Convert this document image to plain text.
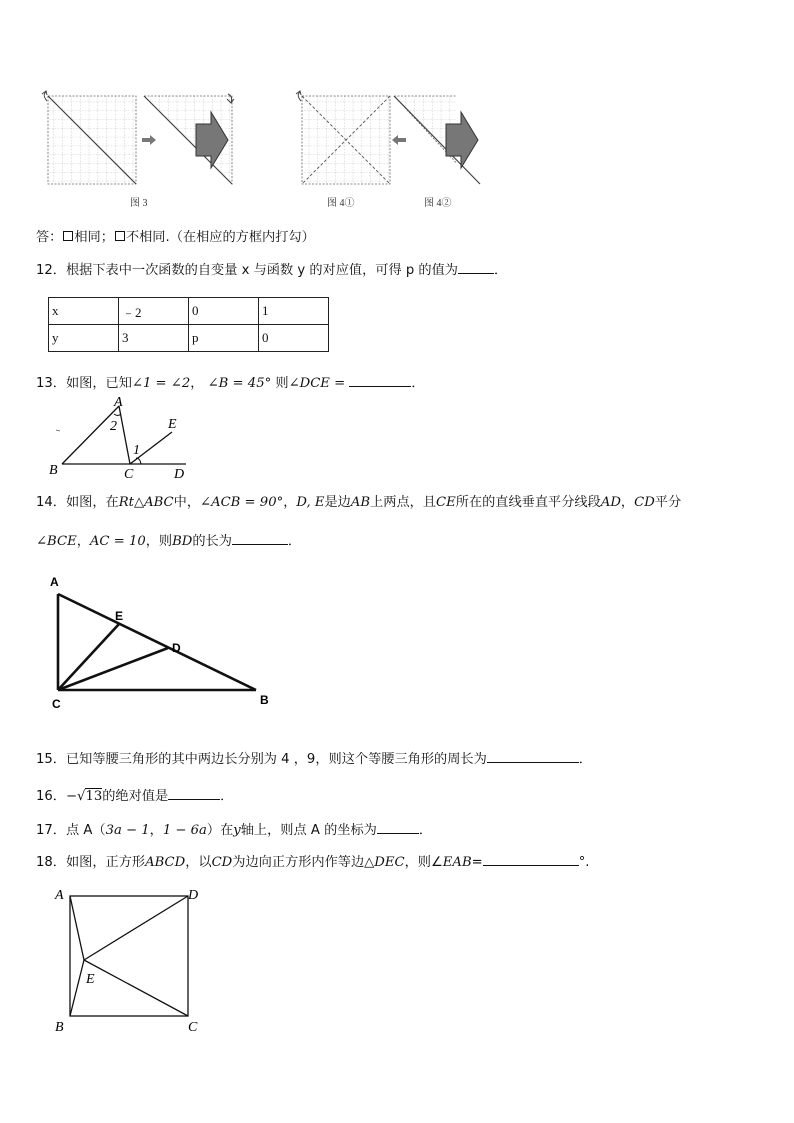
图 3	图 4①	图 4②
答： 相同； 不相同.（在相应的方框内打勾）
12．根据下表中一次函数的自变量 x 与函数 y 的对应值，可得 p 的值为	．
x	﹣2	0	1
y	3	p	0
13．如图，已知∠1 = ∠2， ∠B = 45° 则∠DCE =	．
A
B	C	D
E
2
1
14．如图，在Rt△ABC中，∠ACB = 90°，D, E是边AB上两点，且CE所在的直线垂直平分线段AD，CD平分
∠BCE，AC = 10，则BD的长为	．
A
E
D
C	B
15．已知等腰三角形的其中两边长分别为 4 ，9，则这个等腰三角形的周长为	．
16．−√13的绝对值是	．
17．点 A（3a − 1，1 − 6a）在y轴上，则点 A 的坐标为	．
18．如图，正方形ABCD，以CD为边向正方形内作等边△DEC，则∠EAB=	°.
A	D
E
B	C
